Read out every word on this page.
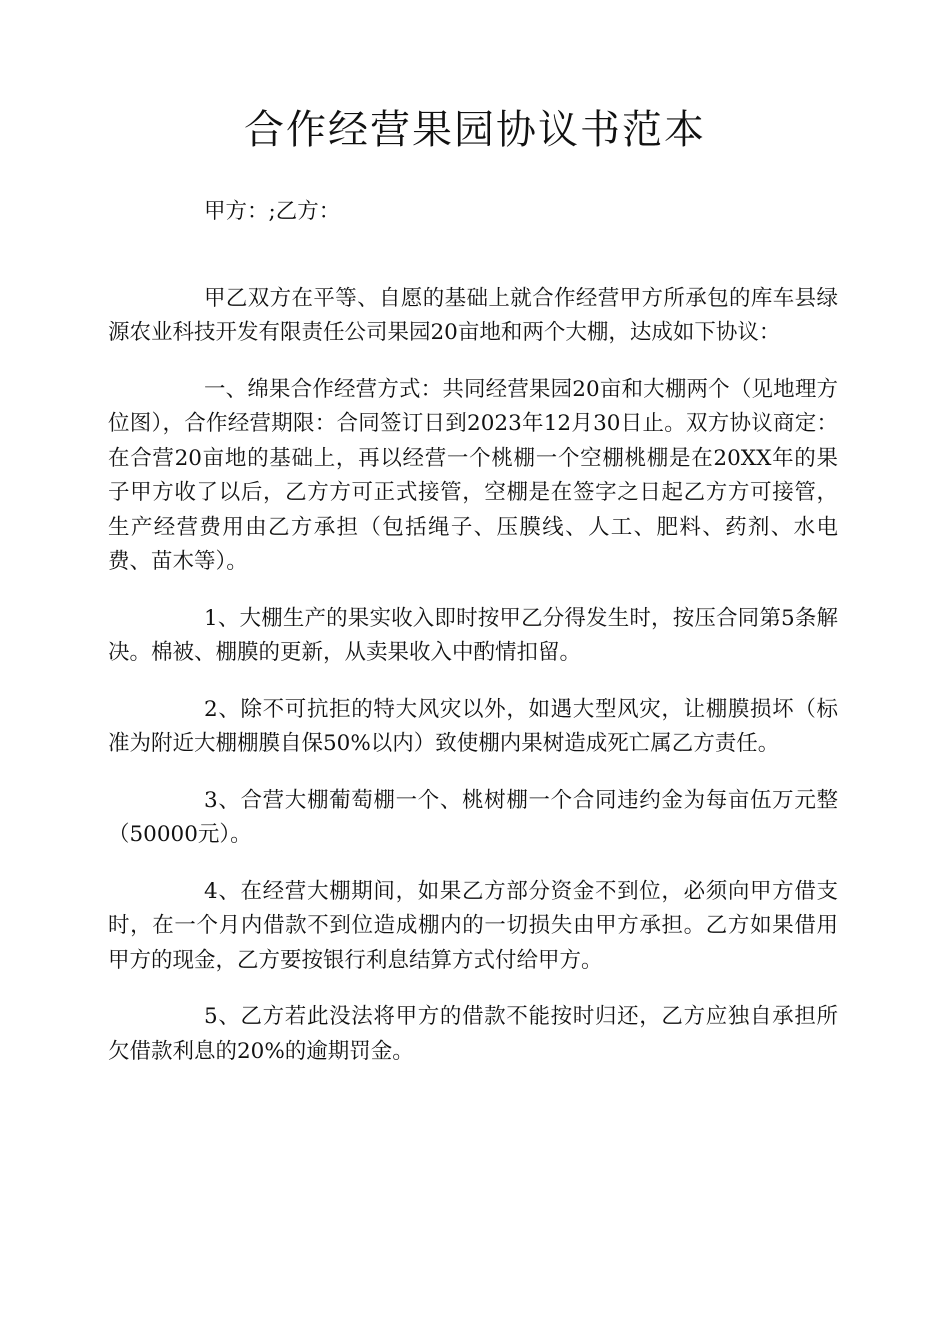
合作经营果园协议书范本

甲方：;乙方：

甲乙双方在平等、自愿的基础上就合作经营甲方所承包的库车县绿源农业科技开发有限责任公司果园20亩地和两个大棚，达成如下协议：

一、绵果合作经营方式：共同经营果园20亩和大棚两个（见地理方位图），合作经营期限：合同签订日到2023年12月30日止。双方协议商定：在合营20亩地的基础上，再以经营一个桃棚一个空棚桃棚是在20XX年的果子甲方收了以后，乙方方可正式接管，空棚是在签字之日起乙方方可接管，生产经营费用由乙方承担（包括绳子、压膜线、人工、肥料、药剂、水电费、苗木等）。

1、大棚生产的果实收入即时按甲乙分得发生时，按压合同第5条解决。棉被、棚膜的更新，从卖果收入中酌情扣留。

2、除不可抗拒的特大风灾以外，如遇大型风灾，让棚膜损坏（标准为附近大棚棚膜自保50%以内）致使棚内果树造成死亡属乙方责任。

3、合营大棚葡萄棚一个、桃树棚一个合同违约金为每亩伍万元整（50000元）。

4、在经营大棚期间，如果乙方部分资金不到位，必须向甲方借支时，在一个月内借款不到位造成棚内的一切损失由甲方承担。乙方如果借用甲方的现金，乙方要按银行利息结算方式付给甲方。

5、乙方若此没法将甲方的借款不能按时归还，乙方应独自承担所欠借款利息的20%的逾期罚金。
